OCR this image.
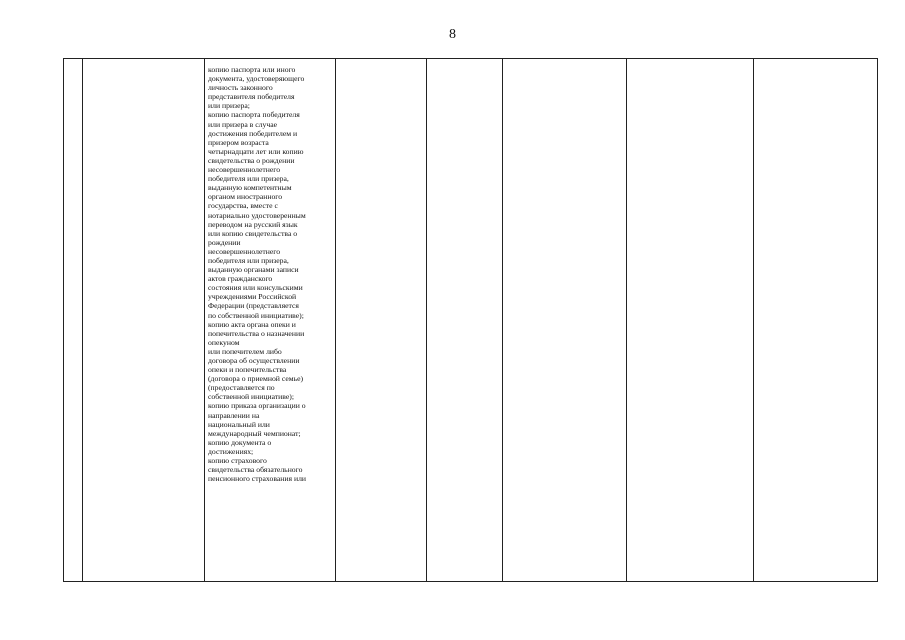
8

копию паспорта или иного
документа, удостоверяющего
личность законного
представителя победителя
или призера;
копию паспорта победителя
или призера в случае
достижения победителем и
призером возраста
четырнадцати лет или копию
свидетельства о рождении
несовершеннолетнего
победителя или призера,
выданную компетентным
органом иностранного
государства, вместе с
нотариально удостоверенным
переводом на русский язык
или копию свидетельства о
рождении
несовершеннолетнего
победителя или призера,
выданную органами записи
актов гражданского
состояния или консульскими
учреждениями Российской
Федерации (представляется
по собственной инициативе);
копию акта органа опеки и
попечительства о назначении
опекуном
или попечителем либо
договора об осуществлении
опеки и попечительства
(договора о приемной семье)
(предоставляется по
собственной инициативе);
копию приказа организации о
направлении на
национальный или
международный чемпионат;
копию документа о
достижениях;
копию страхового
свидетельства обязательного
пенсионного страхования или
